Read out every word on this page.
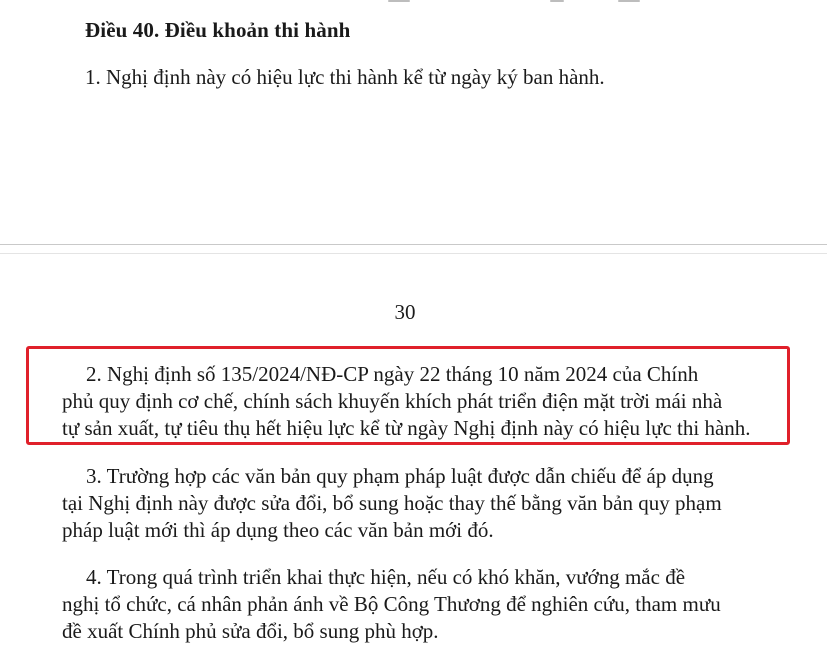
Điều 40. Điều khoản thi hành
1. Nghị định này có hiệu lực thi hành kể từ ngày ký ban hành.
30
2. Nghị định số 135/2024/NĐ-CP ngày 22 tháng 10 năm 2024 của Chính
phủ quy định cơ chế, chính sách khuyến khích phát triển điện mặt trời mái nhà
tự sản xuất, tự tiêu thụ hết hiệu lực kể từ ngày Nghị định này có hiệu lực thi hành.
3. Trường hợp các văn bản quy phạm pháp luật được dẫn chiếu để áp dụng
tại Nghị định này được sửa đổi, bổ sung hoặc thay thế bằng văn bản quy phạm
pháp luật mới thì áp dụng theo các văn bản mới đó.
4. Trong quá trình triển khai thực hiện, nếu có khó khăn, vướng mắc đề
nghị tổ chức, cá nhân phản ánh về Bộ Công Thương để nghiên cứu, tham mưu
đề xuất Chính phủ sửa đổi, bổ sung phù hợp.
